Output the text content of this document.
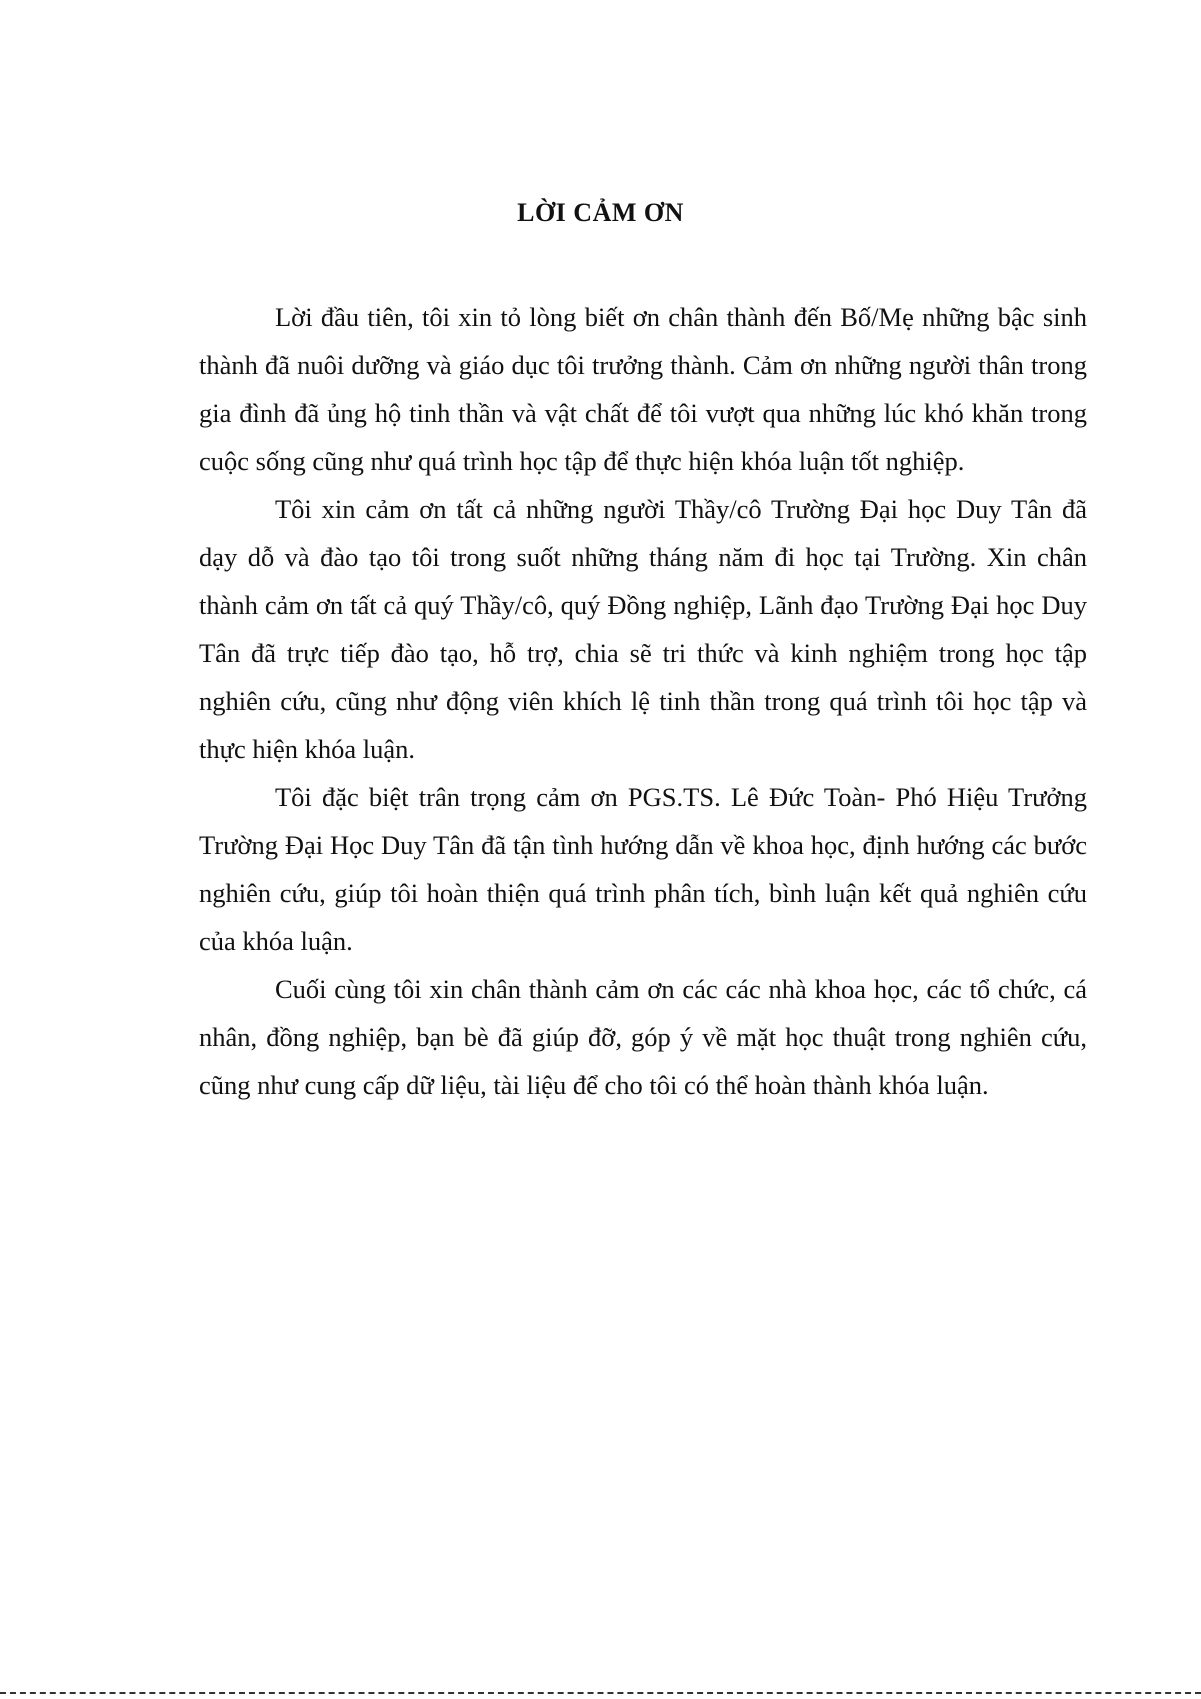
LỜI CẢM ƠN

Lời đầu tiên, tôi xin tỏ lòng biết ơn chân thành đến Bố/Mẹ những bậc sinh thành đã nuôi dưỡng và giáo dục tôi trưởng thành. Cảm ơn những người thân trong gia đình đã ủng hộ tinh thần và vật chất để tôi vượt qua những lúc khó khăn trong cuộc sống cũng như quá trình học tập để thực hiện khóa luận tốt nghiệp.

Tôi xin cảm ơn tất cả những người Thầy/cô Trường Đại học Duy Tân đã dạy dỗ và đào tạo tôi trong suốt những tháng năm đi học tại Trường. Xin chân thành cảm ơn tất cả quý Thầy/cô, quý Đồng nghiệp, Lãnh đạo Trường Đại học Duy Tân đã trực tiếp đào tạo, hỗ trợ, chia sẽ tri thức và kinh nghiệm trong học tập nghiên cứu, cũng như động viên khích lệ tinh thần trong quá trình tôi học tập và thực hiện khóa luận.

Tôi đặc biệt trân trọng cảm ơn PGS.TS. Lê Đức Toàn- Phó Hiệu Trưởng Trường Đại Học Duy Tân đã tận tình hướng dẫn về khoa học, định hướng các bước nghiên cứu, giúp tôi hoàn thiện quá trình phân tích, bình luận kết quả nghiên cứu của khóa luận.

Cuối cùng tôi xin chân thành cảm ơn các các nhà khoa học, các tổ chức, cá nhân, đồng nghiệp, bạn bè đã giúp đỡ, góp ý về mặt học thuật trong nghiên cứu, cũng như cung cấp dữ liệu, tài liệu để cho tôi có thể hoàn thành khóa luận.
